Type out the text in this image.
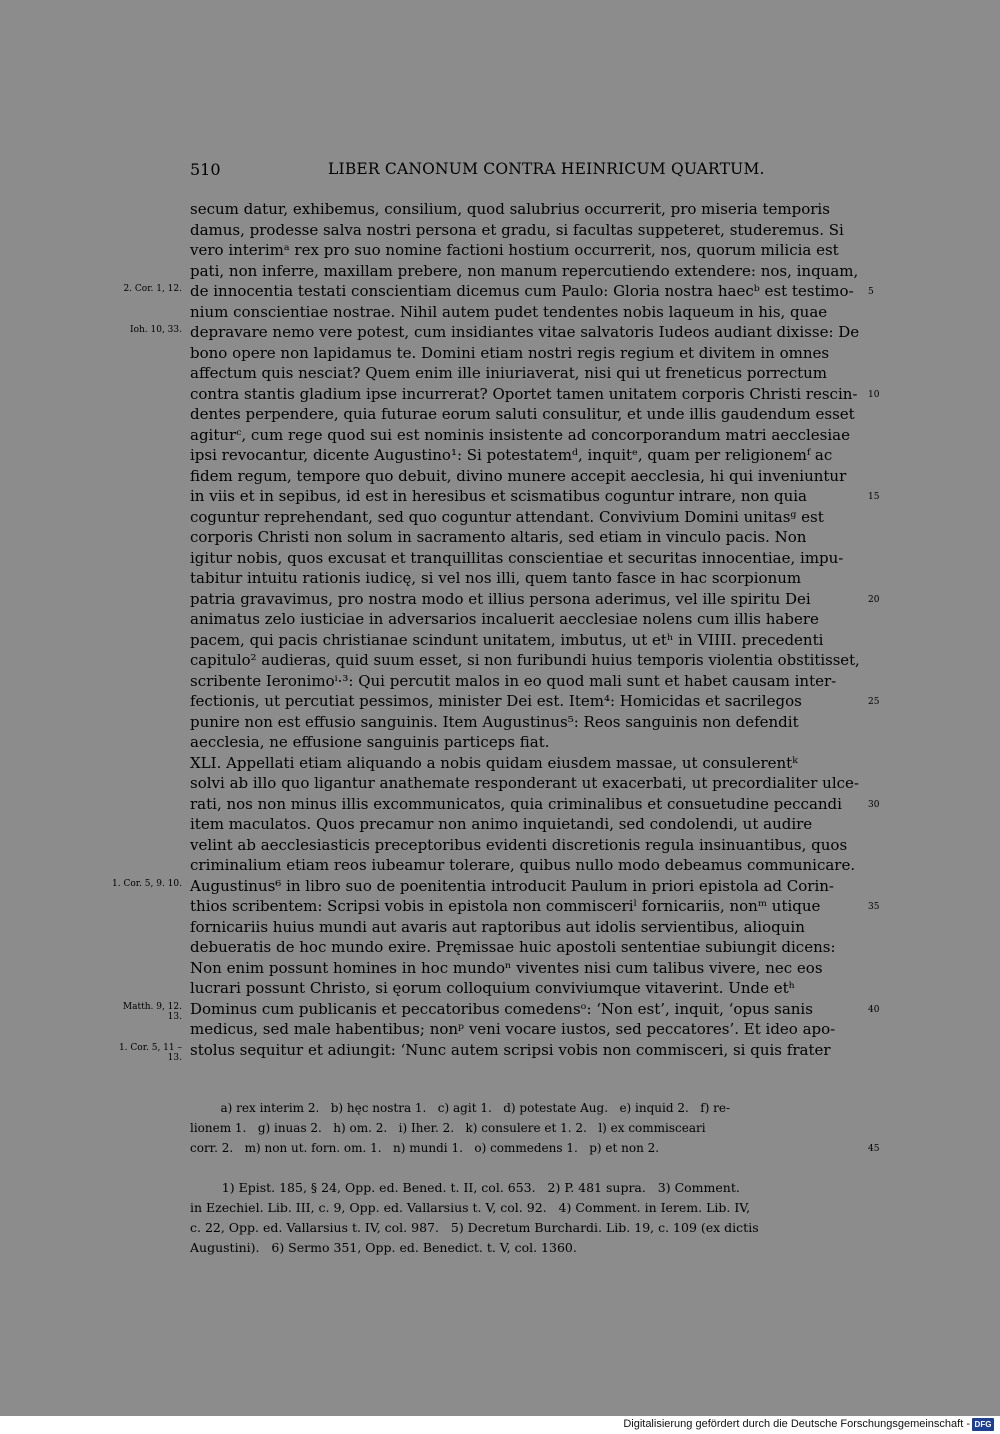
510	LIBER CANONUM CONTRA HEINRICUM QUARTUM.
secum datur, exhibemus, consilium, quod salubrius occurrerit, pro miseria temporis
damus, prodesse salva nostri persona et gradu, si facultas suppeteret, studeremus. Si
vero interimᵃ rex pro suo nomine factioni hostium occurrerit, nos, quorum milicia est
pati, non inferre, maxillam prebere, non manum repercutiendo extendere: nos, inquam,
de innocentia testati conscientiam dicemus cum Paulo: Gloria nostra haecᵇ est testimo-
2. Cor. 1, 12.	5
nium conscientiae nostrae. Nihil autem pudet tendentes nobis laqueum in his, quae
depravare nemo vere potest, cum insidiantes vitae salvatoris Iudeos audiant dixisse: De
Ioh. 10, 33.
bono opere non lapidamus te. Domini etiam nostri regis regium et divitem in omnes
affectum quis nesciat? Quem enim ille iniuriaverat, nisi qui ut freneticus porrectum
contra stantis gladium ipse incurrerat? Oportet tamen unitatem corporis Christi rescin- 10
dentes perpendere, quia futurae eorum saluti consulitur, et unde illis gaudendum esset
agiturᶜ, cum rege quod sui est nominis insistente ad concorporandum matri aecclesiae
ipsi revocantur, dicente Augustino¹: Si potestatemᵈ, inquitᵉ, quam per religionemᶠ ac
fidem regum, tempore quo debuit, divino munere accepit aecclesia, hi qui inveniuntur
in viis et in sepibus, id est in heresibus et scismatibus coguntur intrare, non quia	15
coguntur reprehendant, sed quo coguntur attendant. Convivium Domini unitasᵍ est
corporis Christi non solum in sacramento altaris, sed etiam in vinculo pacis. Non
igitur nobis, quos excusat et tranquillitas conscientiae et securitas innocentiae, impu-
tabitur intuitu rationis iudicę, si vel nos illi, quem tanto fasce in hac scorpionum
patria gravavimus, pro nostra modo et illius persona aderimus, vel ille spiritu Dei	20
animatus zelo iusticiae in adversarios incaluerit aecclesiae nolens cum illis habere
pacem, qui pacis christianae scindunt unitatem, imbutus, ut etʰ in VIIII. precedenti
capitulo² audieras, quid suum esset, si non furibundi huius temporis violentia obstitisset,
scribente Ieronimoⁱ·³: Qui percutit malos in eo quod mali sunt et habet causam inter-
fectionis, ut percutiat pessimos, minister Dei est. Item⁴: Homicidas et sacrilegos	25
punire non est effusio sanguinis. Item Augustinus⁵: Reos sanguinis non defendit
aecclesia, ne effusione sanguinis particeps fiat.
XLI. Appellati etiam aliquando a nobis quidam eiusdem massae, ut consulerentᵏ
solvi ab illo quo ligantur anathemate responderant ut exacerbati, ut precordialiter ulce-
rati, nos non minus illis excommunicatos, quia criminalibus et consuetudine peccandi	30
item maculatos. Quos precamur non animo inquietandi, sed condolendi, ut audire
velint ab aecclesiasticis preceptoribus evidenti discretionis regula insinuantibus, quos
criminalium etiam reos iubeamur tolerare, quibus nullo modo debeamus communicare.
Augustinus⁶ in libro suo de poenitentia introducit Paulum in priori epistola ad Corin-
1. Cor. 5, 9. 10.
thios scribentem: Scripsi vobis in epistola non commisceriˡ fornicariis, nonᵐ utique	35
fornicariis huius mundi aut avaris aut raptoribus aut idolis servientibus, alioquin
debueratis de hoc mundo exire. Pręmissae huic apostoli sententiae subiungit dicens:
Non enim possunt homines in hoc mundoⁿ viventes nisi cum talibus vivere, nec eos
lucrari possunt Christo, si ęorum colloquium conviviumque vitaverint. Unde etʰ
Dominus cum publicanis et peccatoribus comedensᵒ: ‘Non est’, inquit, ‘opus sanis
Matth. 9, 12. 13.
40
medicus, sed male habentibus; nonᵖ veni vocare iustos, sed peccatores’. Et ideo apo-
stolus sequitur et adiungit: ‘Nunc autem scripsi vobis non commisceri, si quis frater
1. Cor. 5, 11 – 13.
a) rex interim 2.   b) hęc nostra 1.   c) agit 1.   d) potestate Aug.   e) inquid 2.   f) re-
lionem 1.   g) inuas 2.   h) om. 2.   i) Iher. 2.   k) consulere et 1. 2.   l) ex commisceari
corr. 2.   m) non ut. forn. om. 1.   n) mundi 1.   o) commedens 1.   p) et non 2.	45
1) Epist. 185, § 24, Opp. ed. Bened. t. II, col. 653.   2) P. 481 supra.   3) Comment.
in Ezechiel. Lib. III, c. 9, Opp. ed. Vallarsius t. V, col. 92.   4) Comment. in Ierem. Lib. IV,
c. 22, Opp. ed. Vallarsius t. IV, col. 987.   5) Decretum Burchardi. Lib. 19, c. 109 (ex dictis
Augustini).   6) Sermo 351, Opp. ed. Benedict. t. V, col. 1360.
Digitalisierung gefördert durch die Deutsche Forschungsgemeinschaft - DFG
